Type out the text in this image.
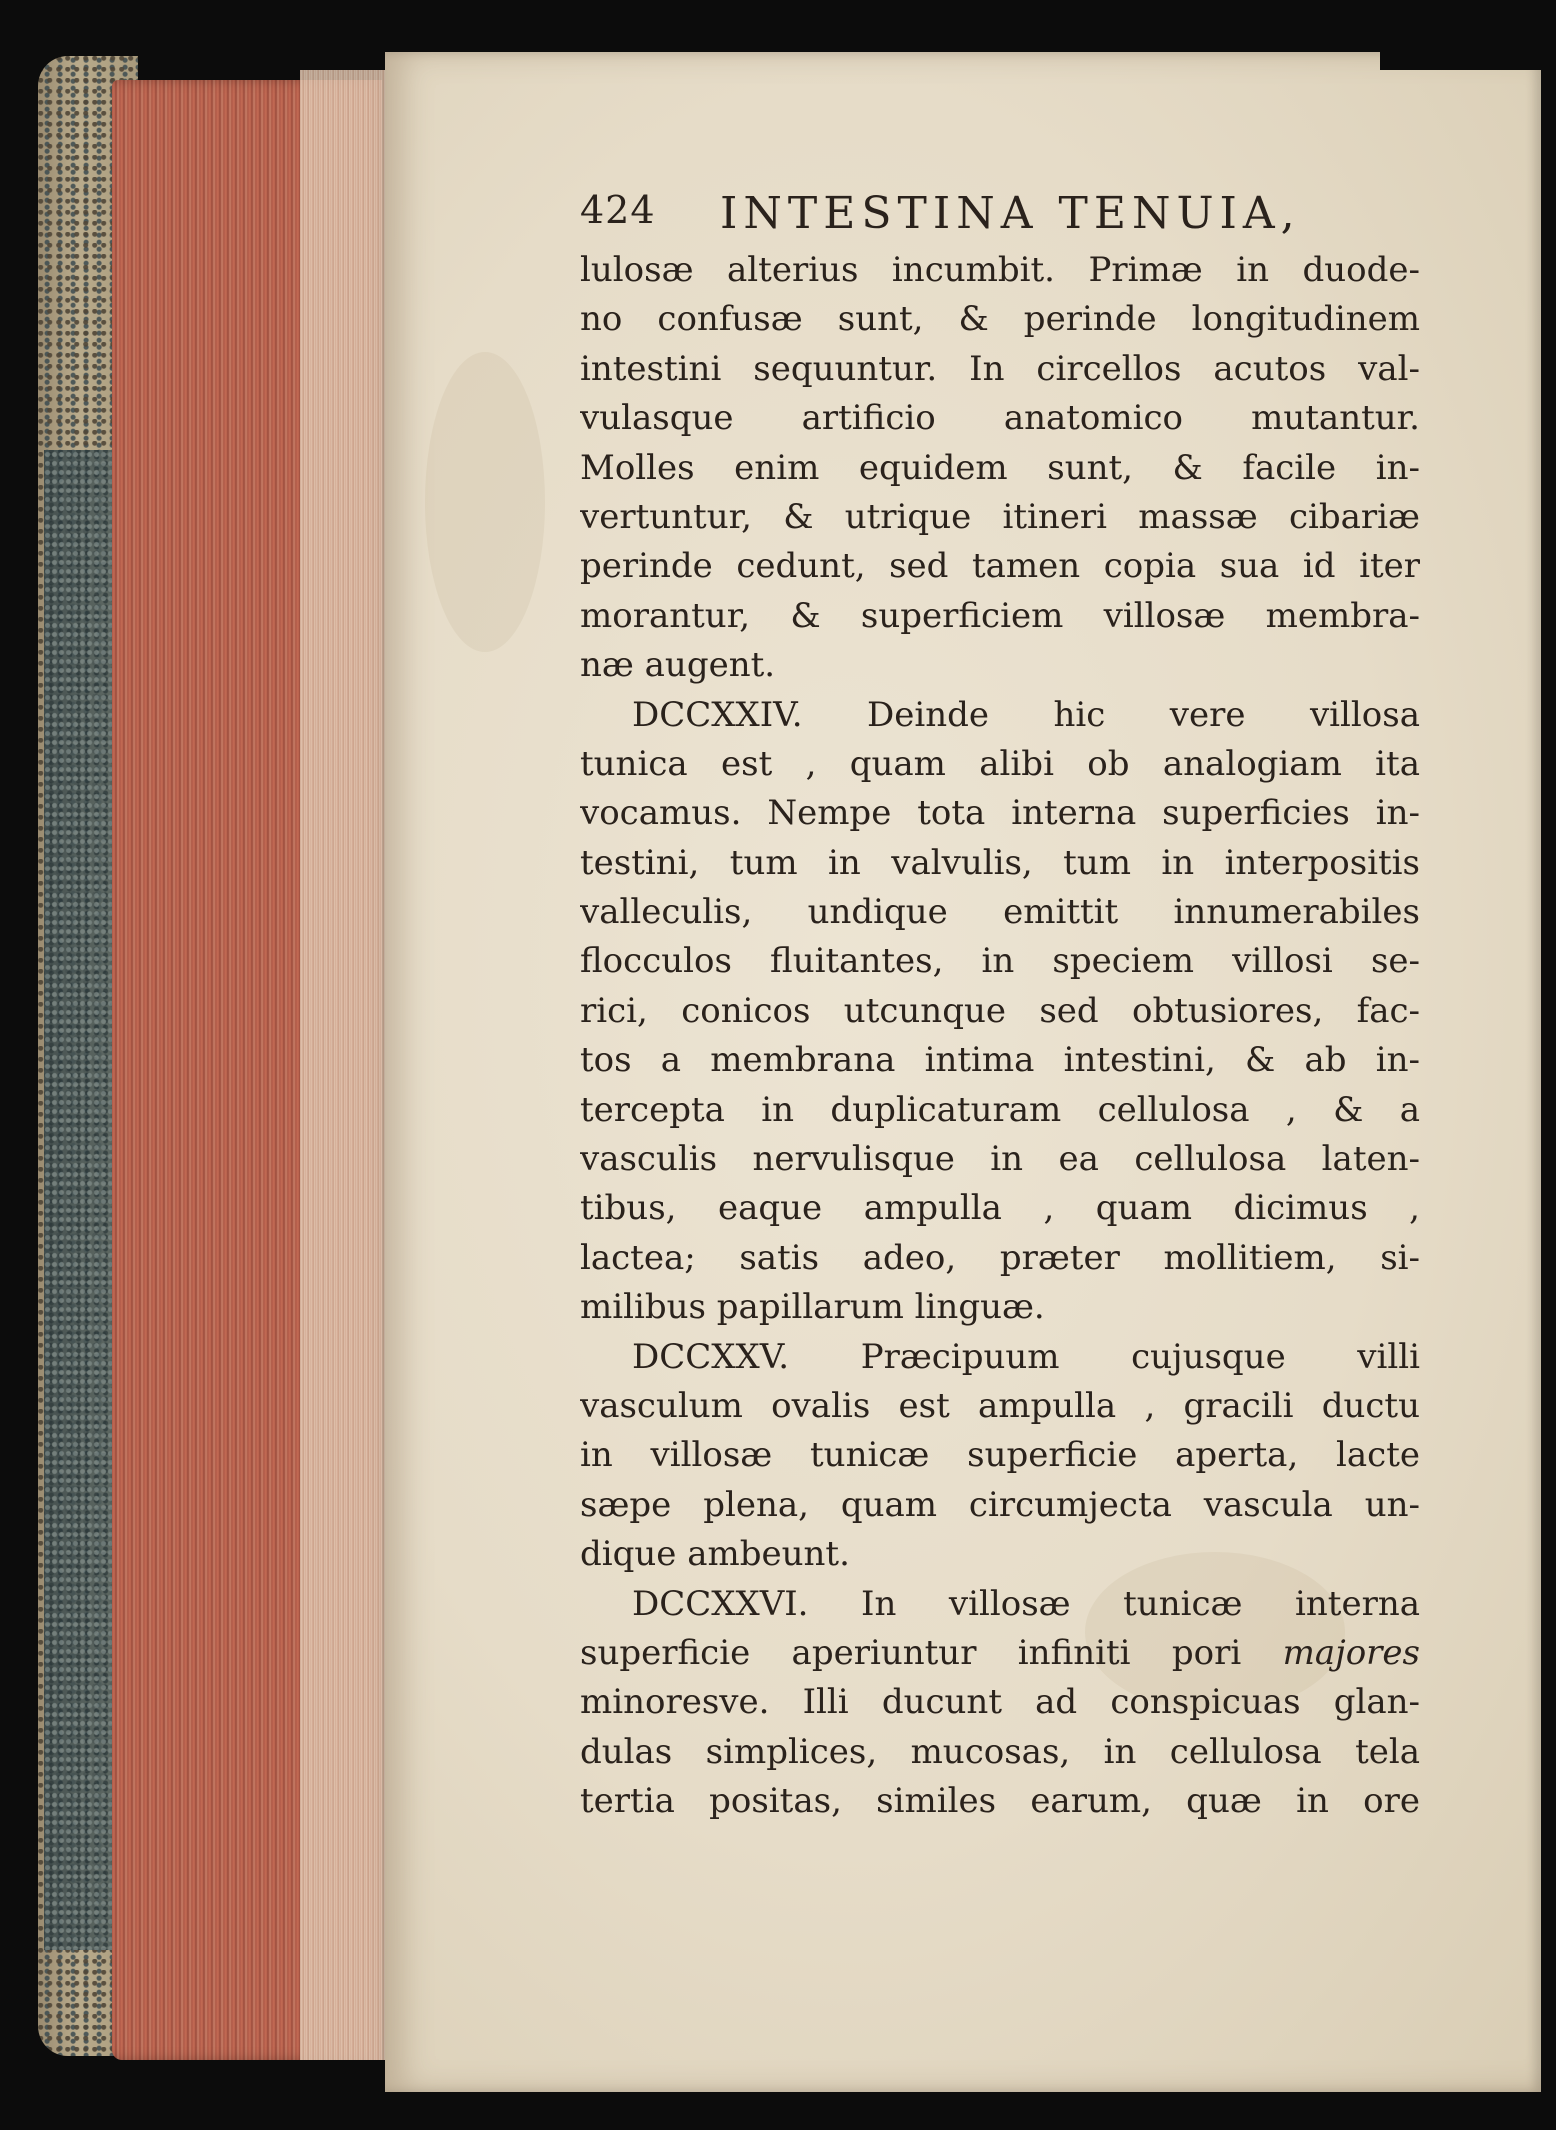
424 INTESTINA TENUIA,
lulosæ alterius incumbit. Primæ in duode-
no confusæ sunt, & perinde longitudinem
intestini sequuntur. In circellos acutos val-
vulasque artificio anatomico mutantur.
Molles enim equidem sunt, & facile in-
vertuntur, & utrique itineri massæ cibariæ
perinde cedunt, sed tamen copia sua id iter
morantur, & superficiem villosæ membra-
næ augent.
DCCXXIV. Deinde hic vere villosa
tunica est , quam alibi ob analogiam ita
vocamus. Nempe tota interna superficies in-
testini, tum in valvulis, tum in interpositis
valleculis, undique emittit innumerabiles
flocculos fluitantes, in speciem villosi se-
rici, conicos utcunque sed obtusiores, fac-
tos a membrana intima intestini, & ab in-
tercepta in duplicaturam cellulosa , & a
vasculis nervulisque in ea cellulosa laten-
tibus, eaque ampulla , quam dicimus ,
lactea; satis adeo, præter mollitiem, si-
milibus papillarum linguæ.
DCCXXV. Præcipuum cujusque villi
vasculum ovalis est ampulla , gracili ductu
in villosæ tunicæ superficie aperta, lacte
sæpe plena, quam circumjecta vascula un-
dique ambeunt.
DCCXXVI. In villosæ tunicæ interna
superficie aperiuntur infiniti pori majores
minoresve. Illi ducunt ad conspicuas glan-
dulas simplices, mucosas, in cellulosa tela
tertia positas, similes earum, quæ in ore
